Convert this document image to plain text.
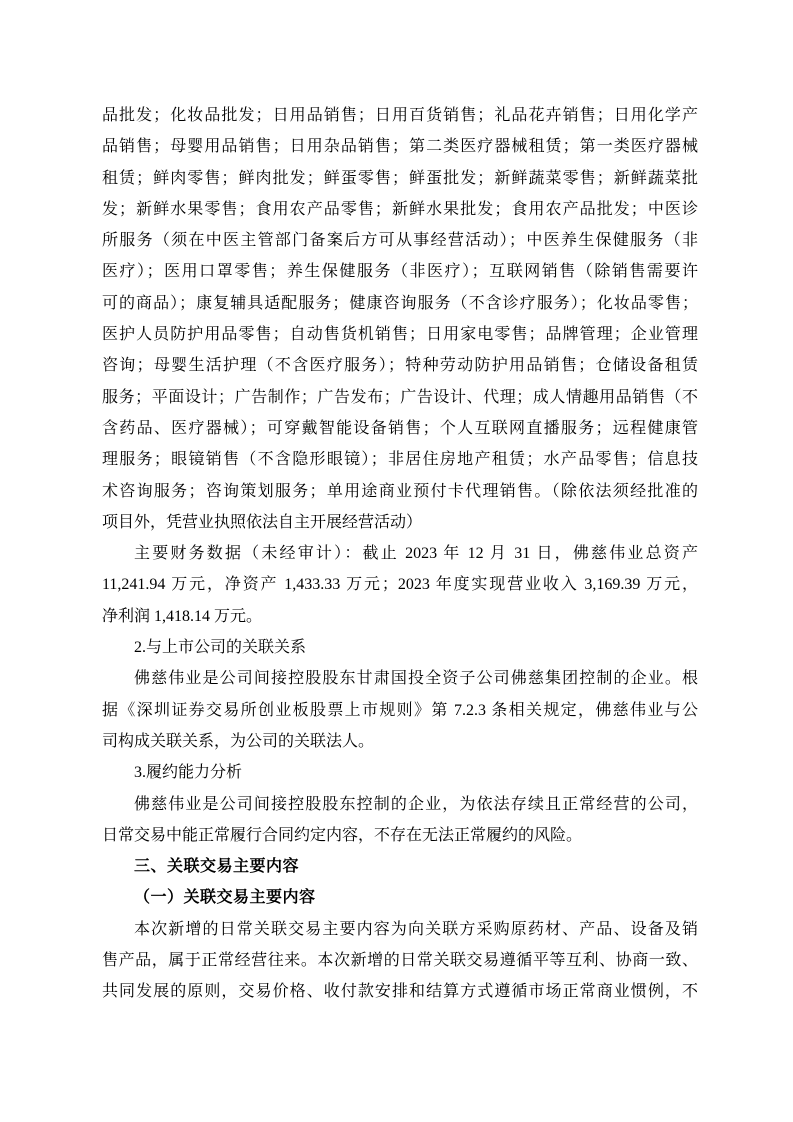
品批发；化妆品批发；日用品销售；日用百货销售；礼品花卉销售；日用化学产
品销售；母婴用品销售；日用杂品销售；第二类医疗器械租赁；第一类医疗器械
租赁；鲜肉零售；鲜肉批发；鲜蛋零售；鲜蛋批发；新鲜蔬菜零售；新鲜蔬菜批
发；新鲜水果零售；食用农产品零售；新鲜水果批发；食用农产品批发；中医诊
所服务（须在中医主管部门备案后方可从事经营活动）；中医养生保健服务（非
医疗）；医用口罩零售；养生保健服务（非医疗）；互联网销售（除销售需要许
可的商品）；康复辅具适配服务；健康咨询服务（不含诊疗服务）；化妆品零售；
医护人员防护用品零售；自动售货机销售；日用家电零售；品牌管理；企业管理
咨询；母婴生活护理（不含医疗服务）；特种劳动防护用品销售；仓储设备租赁
服务；平面设计；广告制作；广告发布；广告设计、代理；成人情趣用品销售（不
含药品、医疗器械）；可穿戴智能设备销售；个人互联网直播服务；远程健康管
理服务；眼镜销售（不含隐形眼镜）；非居住房地产租赁；水产品零售；信息技
术咨询服务；咨询策划服务；单用途商业预付卡代理销售。（除依法须经批准的
项目外，凭营业执照依法自主开展经营活动）
主要财务数据（未经审计）：截止 2023 年 12 月 31 日，佛慈伟业总资产
11,241.94 万元，净资产 1,433.33 万元；2023 年度实现营业收入 3,169.39 万元，
净利润 1,418.14 万元。
2.与上市公司的关联关系
佛慈伟业是公司间接控股股东甘肃国投全资子公司佛慈集团控制的企业。根
据《深圳证券交易所创业板股票上市规则》第 7.2.3 条相关规定，佛慈伟业与公
司构成关联关系，为公司的关联法人。
3.履约能力分析
佛慈伟业是公司间接控股股东控制的企业，为依法存续且正常经营的公司，
日常交易中能正常履行合同约定内容，不存在无法正常履约的风险。
三、关联交易主要内容
（一）关联交易主要内容
本次新增的日常关联交易主要内容为向关联方采购原药材、产品、设备及销
售产品，属于正常经营往来。本次新增的日常关联交易遵循平等互利、协商一致、
共同发展的原则，交易价格、收付款安排和结算方式遵循市场正常商业惯例，不
